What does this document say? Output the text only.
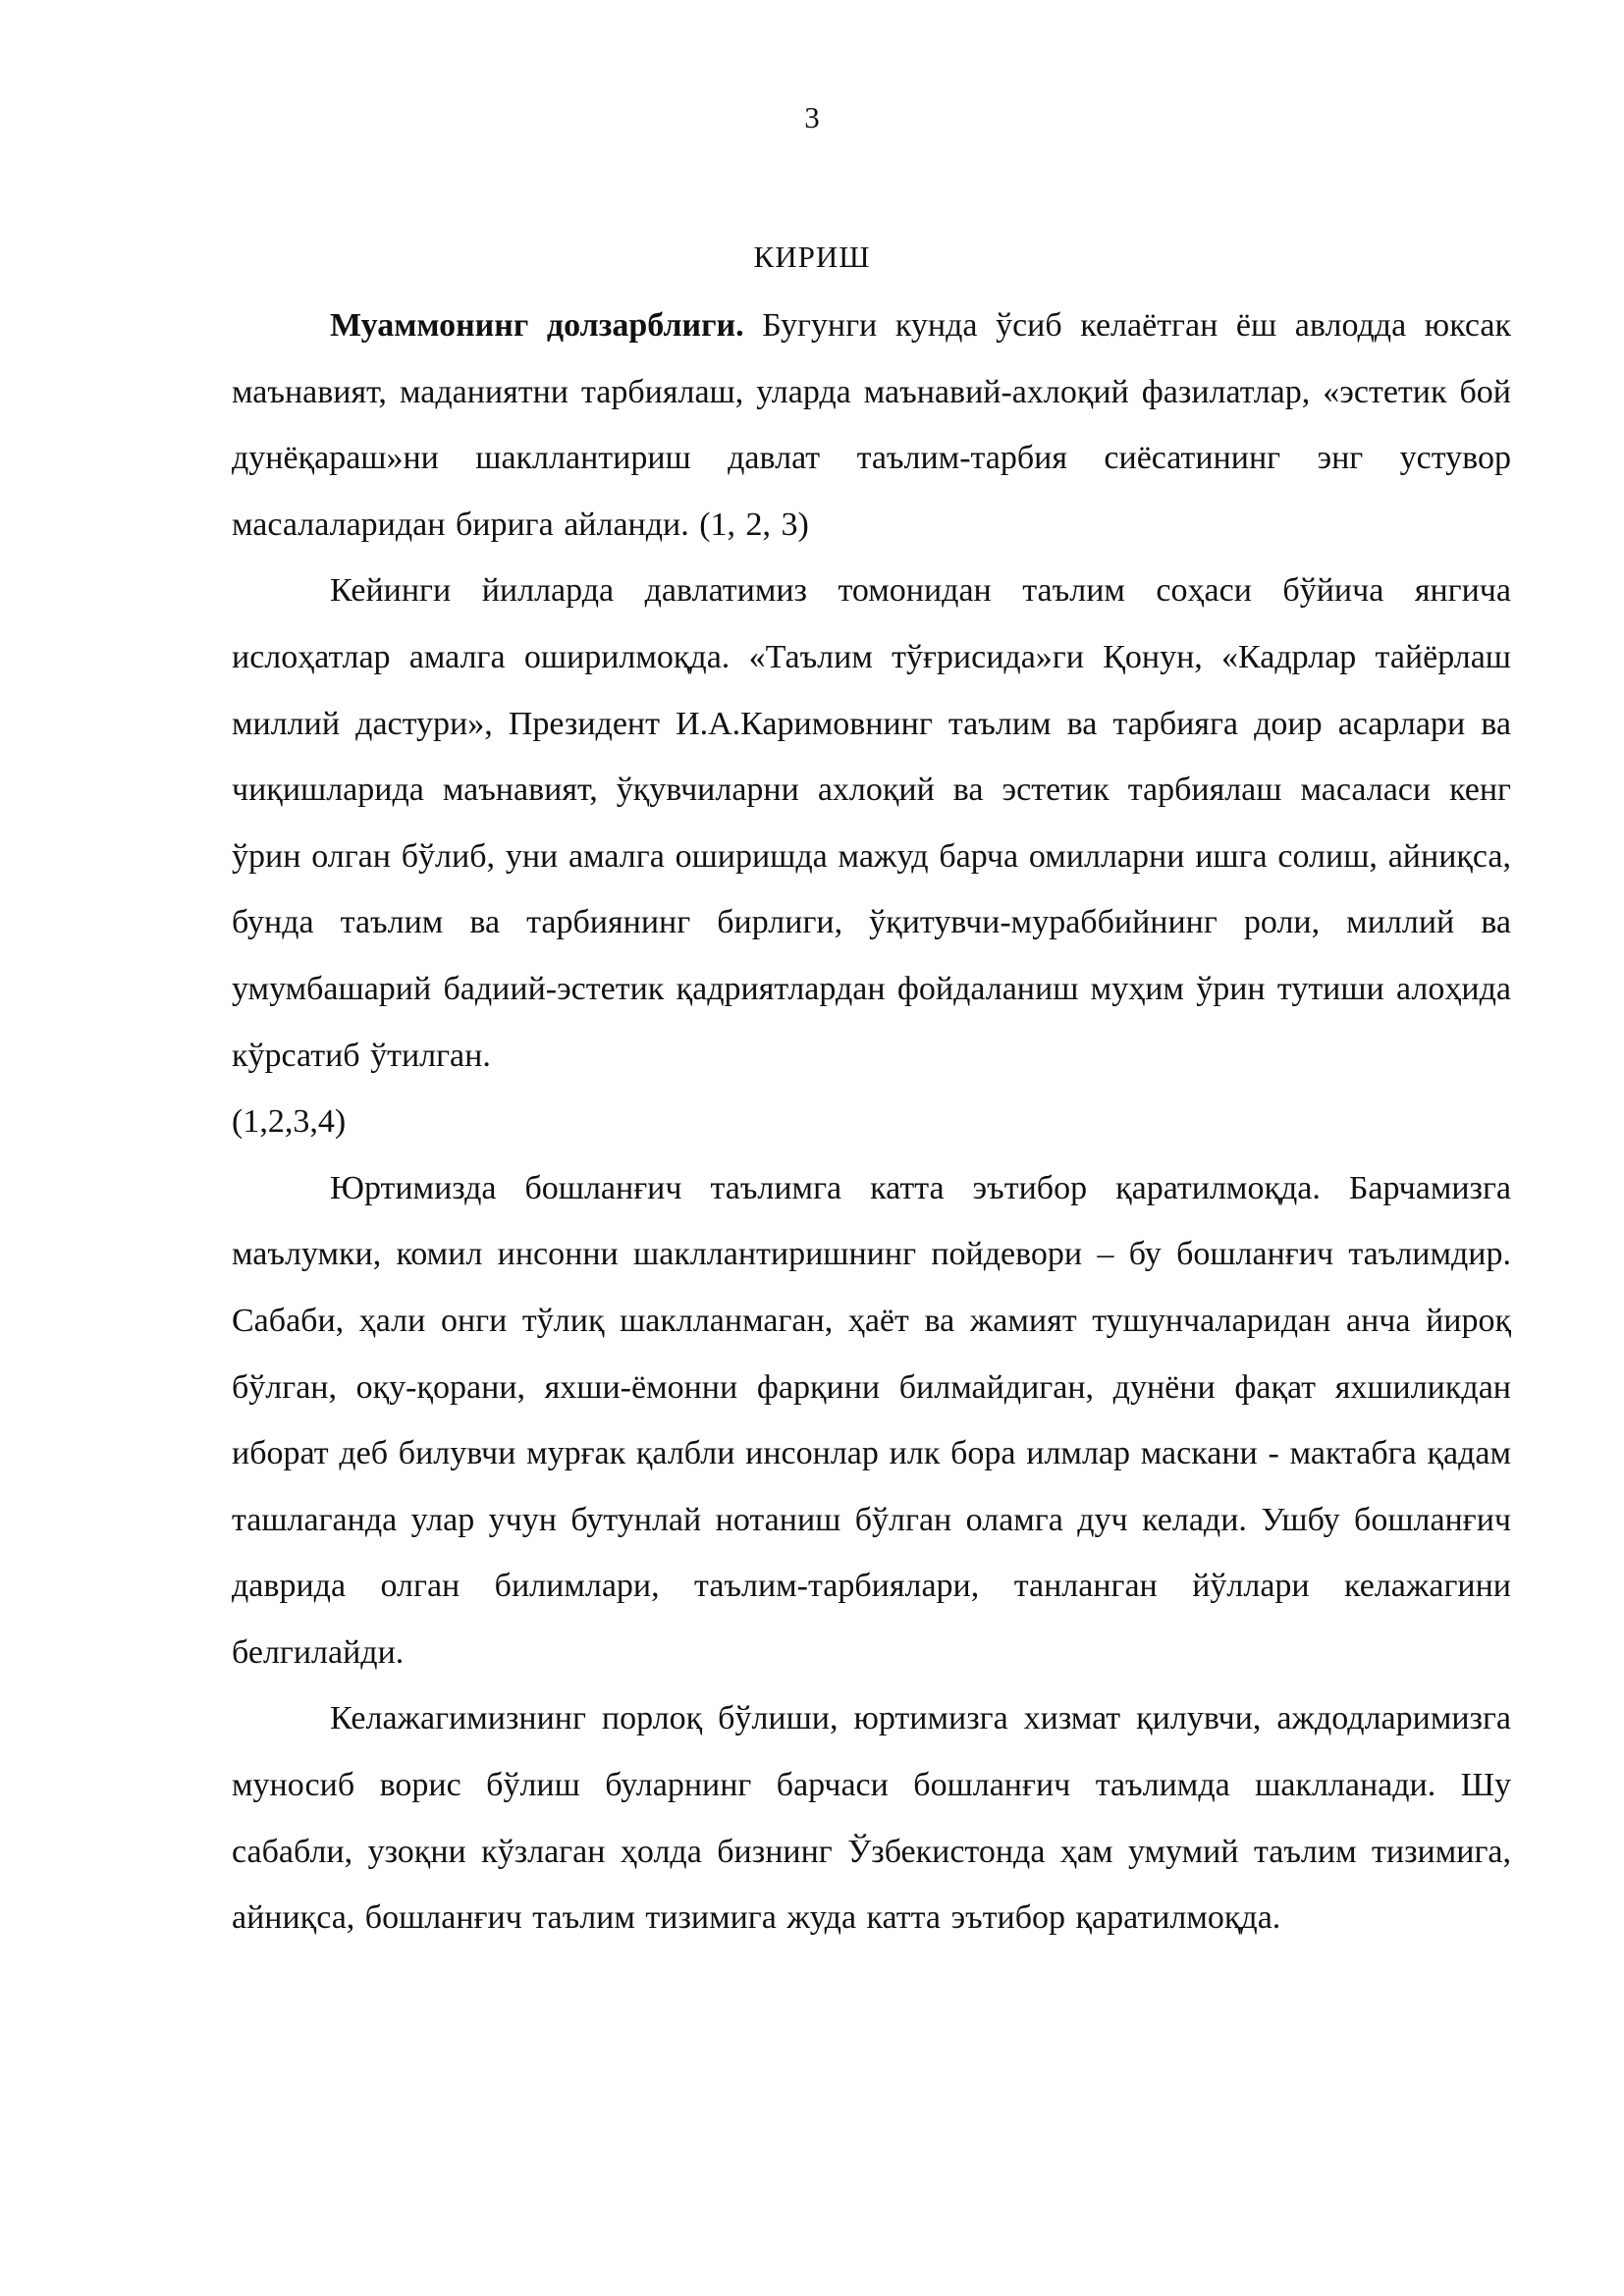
3
КИРИШ

Муаммонинг долзарблиги. Бугунги кунда ўсиб келаётган ёш авлодда юксак маънавият, маданиятни тарбиялаш, уларда маънавий-ахлоқий фазилатлар, «эстетик бой дунёқараш»ни шакллантириш давлат таълим-тарбия сиёсатининг энг устувор масалаларидан бирига айланди. (1, 2, 3)

Кейинги йилларда давлатимиз томонидан таълим соҳаси бўйича янгича ислоҳатлар амалга оширилмоқда. «Таълим тўғрисида»ги Қонун, «Кадрлар тайёрлаш миллий дастури», Президент И.А.Каримовнинг таълим ва тарбияга доир асарлари ва чиқишларида маънавият, ўқувчиларни ахлоқий ва эстетик тарбиялаш масаласи кенг ўрин олган бўлиб, уни амалга оширишда мажуд барча омилларни ишга солиш, айниқса, бунда таълим ва тарбиянинг бирлиги, ўқитувчи-мураббийнинг роли, миллий ва умумбашарий бадиий-эстетик қадриятлардан фойдаланиш муҳим ўрин тутиши алоҳида кўрсатиб ўтилган.

(1,2,3,4)

Юртимизда бошланғич таълимга катта эътибор қаратилмоқда. Барчамизга маълумки, комил инсонни шакллантиришнинг пойдевори – бу бошланғич таълимдир. Сабаби, ҳали онги тўлиқ шаклланмаган, ҳаёт ва жамият тушунчаларидан анча йироқ бўлган, оқу-қорани, яхши-ёмонни фарқини билмайдиган, дунёни фақат яхшиликдан иборат деб билувчи мурғак қалбли инсонлар илк бора илмлар маскани - мактабга қадам ташлаганда улар учун бутунлай нотаниш бўлган оламга дуч келади. Ушбу бошланғич даврида олган билимлари, таълим-тарбиялари, танланган йўллари келажагини белгилайди.

Келажагимизнинг порлоқ бўлиши, юртимизга хизмат қилувчи, аждодларимизга муносиб ворис бўлиш буларнинг барчаси бошланғич таълимда шаклланади. Шу сабабли, узоқни кўзлаган ҳолда бизнинг Ўзбекистонда ҳам умумий таълим тизимига, айниқса, бошланғич таълим тизимига жуда катта эътибор қаратилмоқда.
